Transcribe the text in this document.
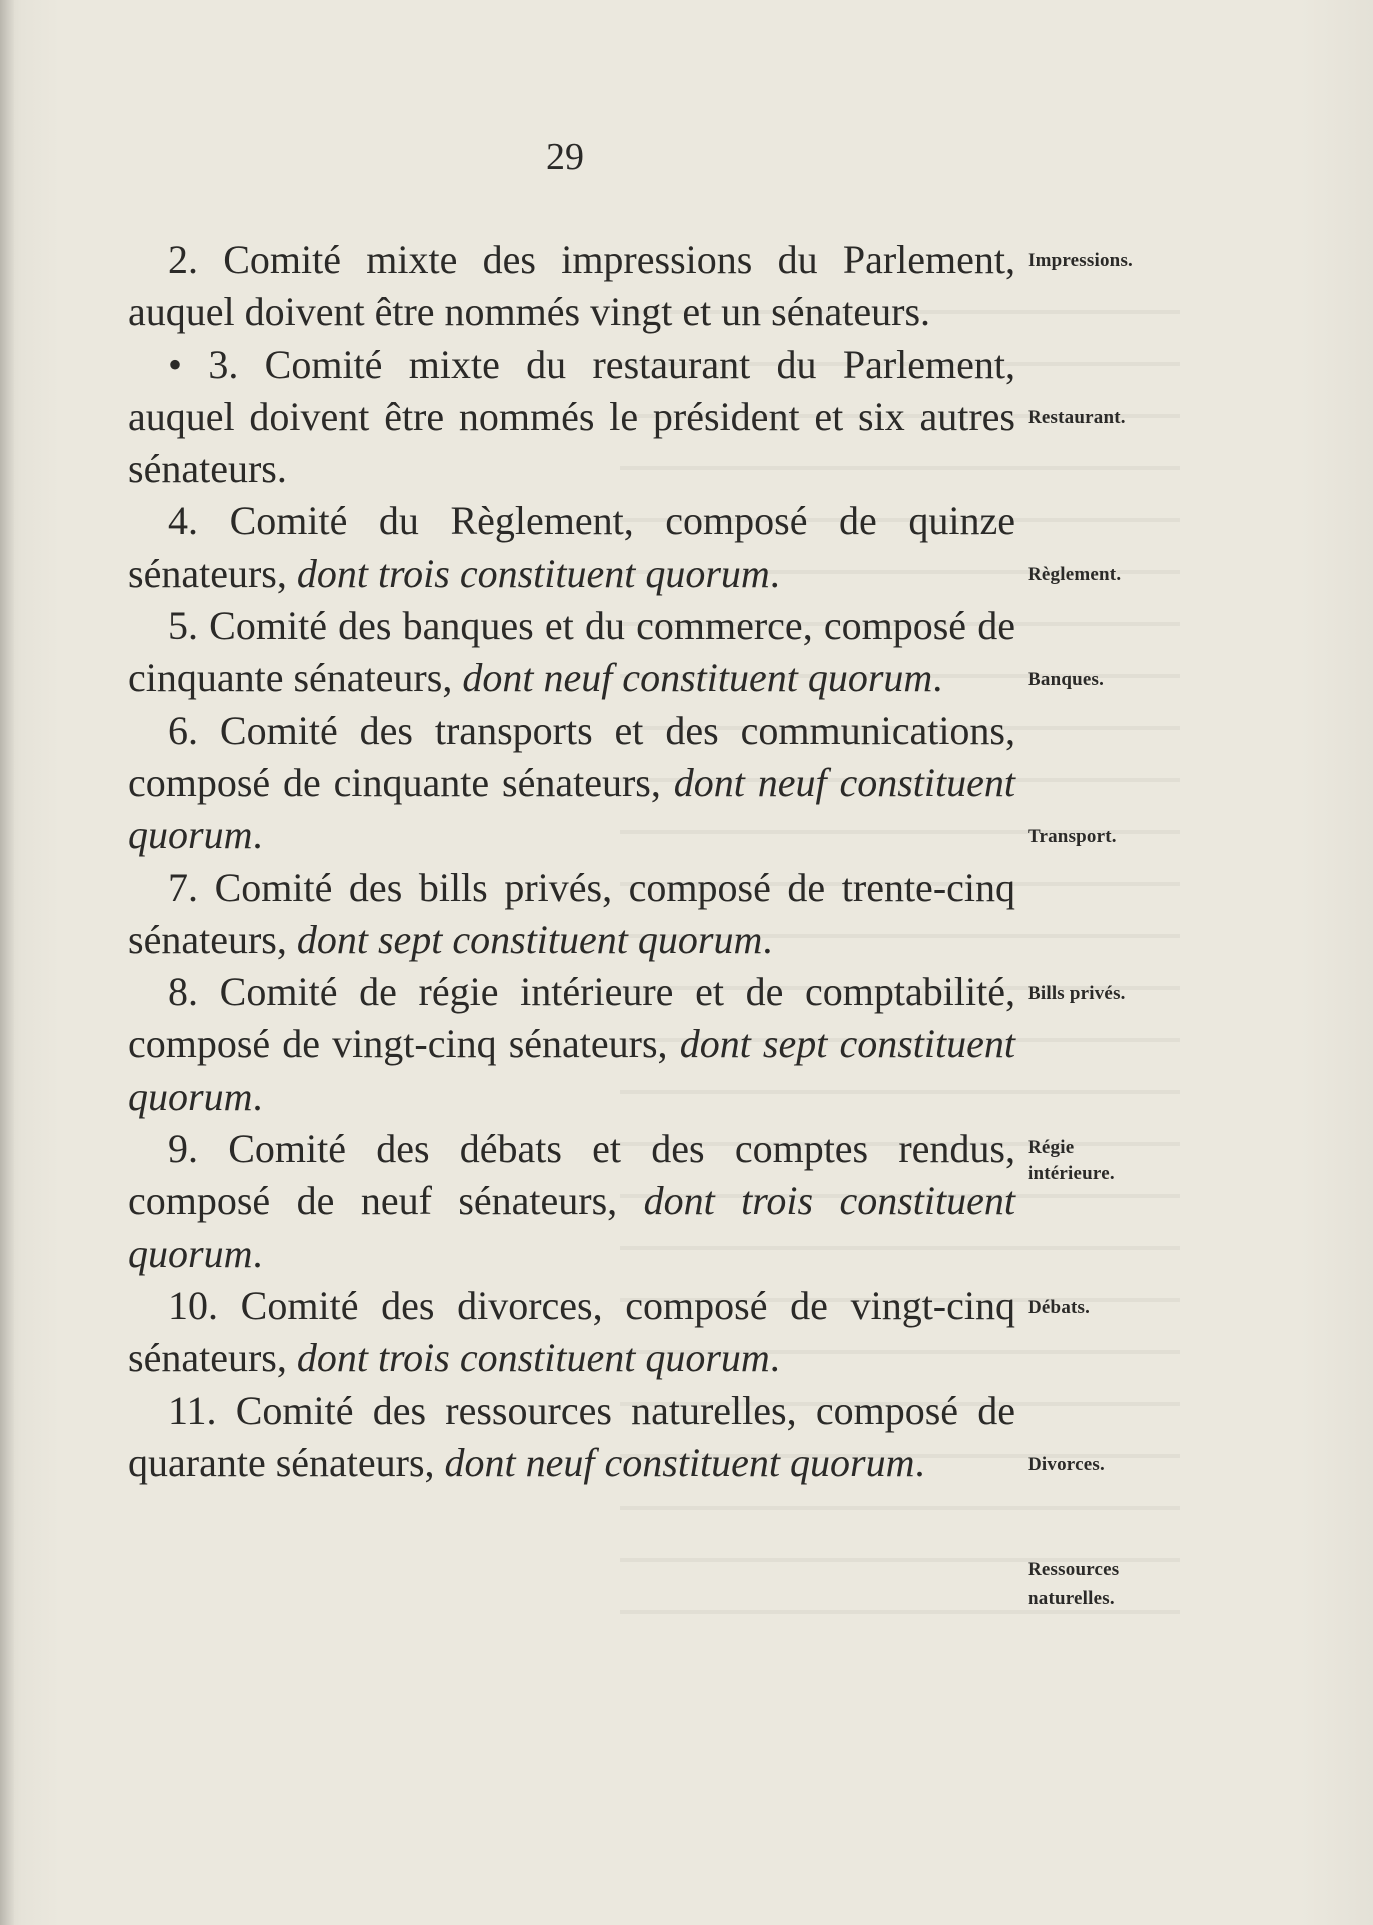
29

2. Comité mixte des impressions du Parlement, auquel doivent être nommés vingt et un sénateurs.

• 3. Comité mixte du restaurant du Parlement, auquel doivent être nommés le président et six autres sénateurs.

4. Comité du Règlement, composé de quinze sénateurs, dont trois constituent quorum.

5. Comité des banques et du commerce, composé de cinquante sénateurs, dont neuf constituent quorum.

6. Comité des transports et des communications, composé de cinquante sénateurs, dont neuf constituent quorum.

7. Comité des bills privés, composé de trente-cinq sénateurs, dont sept constituent quorum.

8. Comité de régie intérieure et de comptabilité, composé de vingt-cinq sénateurs, dont sept constituent quorum.

9. Comité des débats et des comptes rendus, composé de neuf sénateurs, dont trois constituent quorum.

10. Comité des divorces, composé de vingt-cinq sénateurs, dont trois constituent quorum.

11. Comité des ressources naturelles, composé de quarante sénateurs, dont neuf constituent quorum.

Impressions.
Restaurant.
Règlement.
Banques.
Transport.
Bills privés.
Régie
intérieure.
Débats.
Divorces.
Ressources
naturelles.
